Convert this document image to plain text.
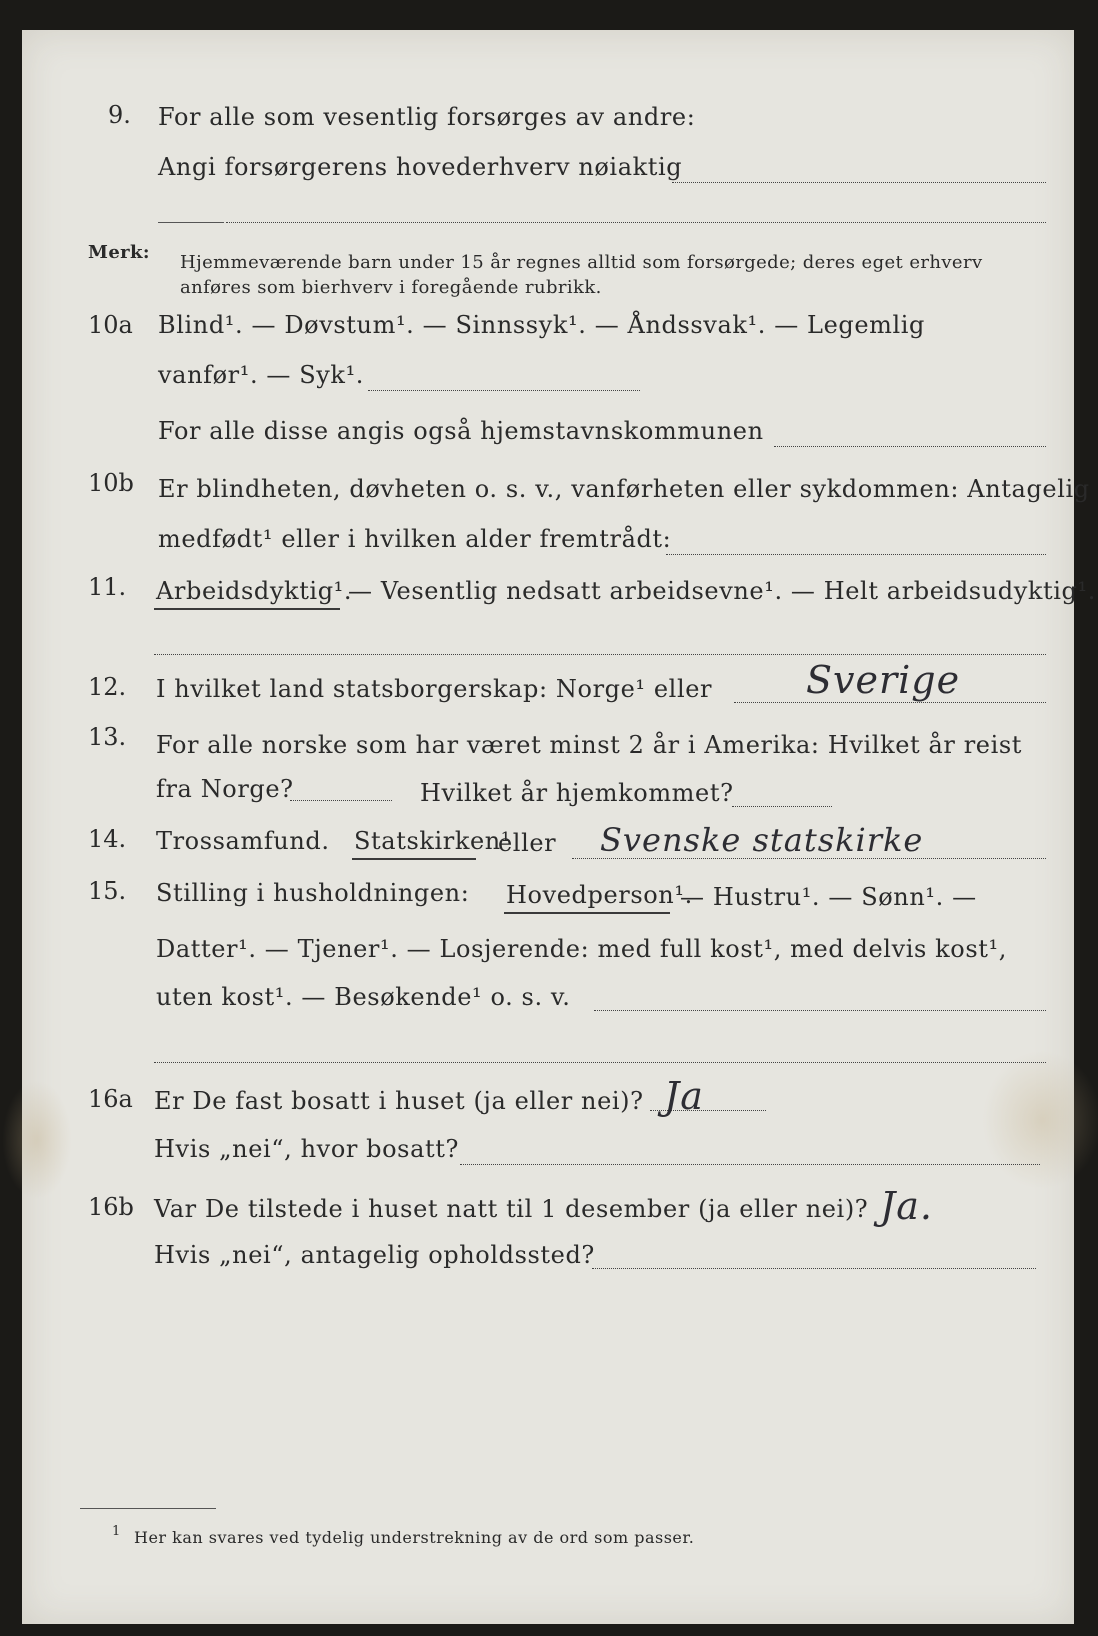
9. For alle som vesentlig forsørges av andre:
Angi forsørgerens hovederhverv nøiaktig
Merk: Hjemmeværende barn under 15 år regnes alltid som forsørgede; deres eget erhverv
anføres som bierhverv i foregående rubrikk.
10a Blind¹. — Døvstum¹. — Sinnssyk¹. — Åndssvak¹. — Legemlig
vanfør¹. — Syk¹.
For alle disse angis også hjemstavnskommunen
10b Er blindheten, døvheten o. s. v., vanførheten eller sykdommen: Antagelig
medfødt¹ eller i hvilken alder fremtrådt:
11. Arbeidsdyktig¹.
— Vesentlig nedsatt arbeidsevne¹. — Helt arbeidsudyktig¹.
12. I hvilket land statsborgerskap: Norge¹ eller Sverige
13. For alle norske som har været minst 2 år i Amerika: Hvilket år reist
fra Norge?	Hvilket år hjemkommet?
14. Trossamfund. Statskirken¹
eller Svenske statskirke
15. Stilling i husholdningen: Hovedperson¹.
— Hustru¹. — Sønn¹. —
Datter¹. — Tjener¹. — Losjerende: med full kost¹, med delvis kost¹,
uten kost¹. — Besøkende¹ o. s. v.
16a Er De fast bosatt i huset (ja eller nei)? Ja
Hvis „nei“, hvor bosatt?
16b Var De tilstede i huset natt til 1 desember (ja eller nei)? Ja.
Hvis „nei“, antagelig opholdssted?
1 Her kan svares ved tydelig understrekning av de ord som passer.
